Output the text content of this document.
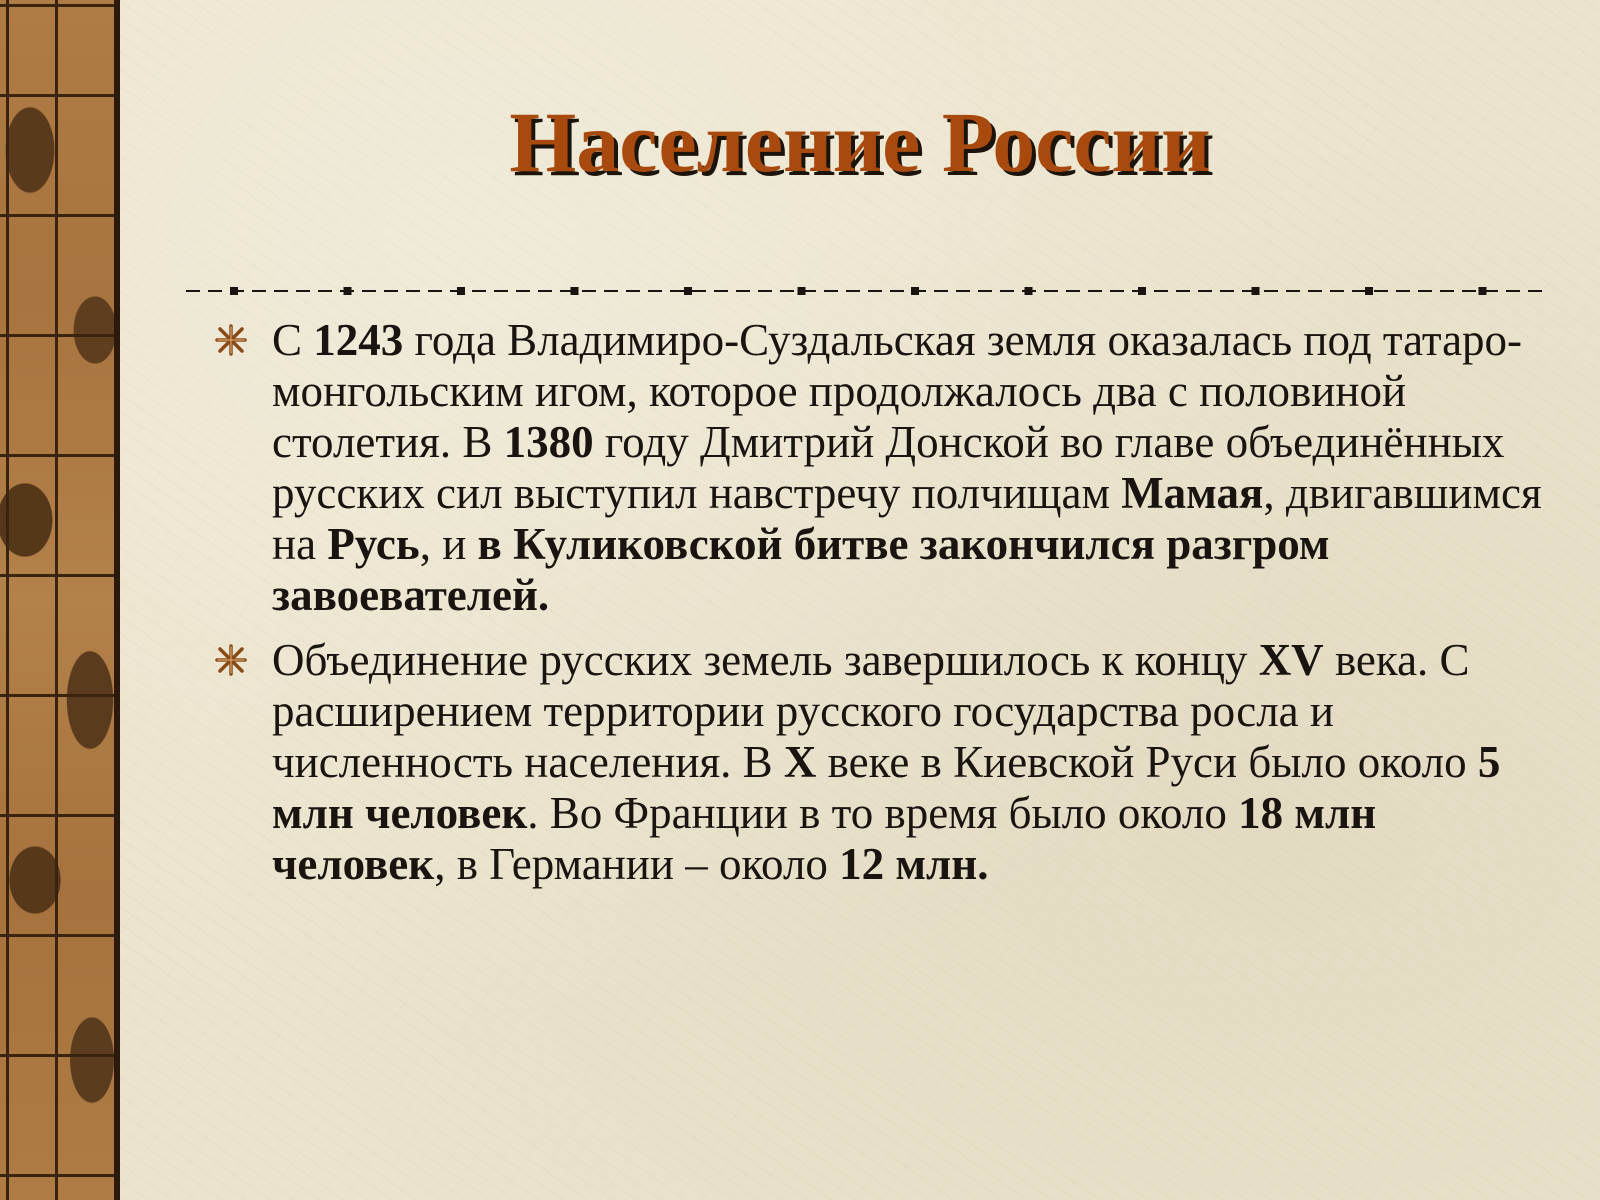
Население России
С 1243 года Владимиро-Суздальская земля оказалась под татаро-монгольским игом, которое продолжалось два с половиной столетия. В 1380 году Дмитрий Донской во главе объединённых русских сил выступил навстречу полчищам Мамая, двигавшимся на Русь, и в Куликовской битве закончился разгром завоевателей.
Объединение русских земель завершилось к концу XV века. С расширением территории русского государства росла и численность населения. В X веке в Киевской Руси было около 5 млн человек. Во Франции в то время было около 18 млн человек, в Германии – около 12 млн.
